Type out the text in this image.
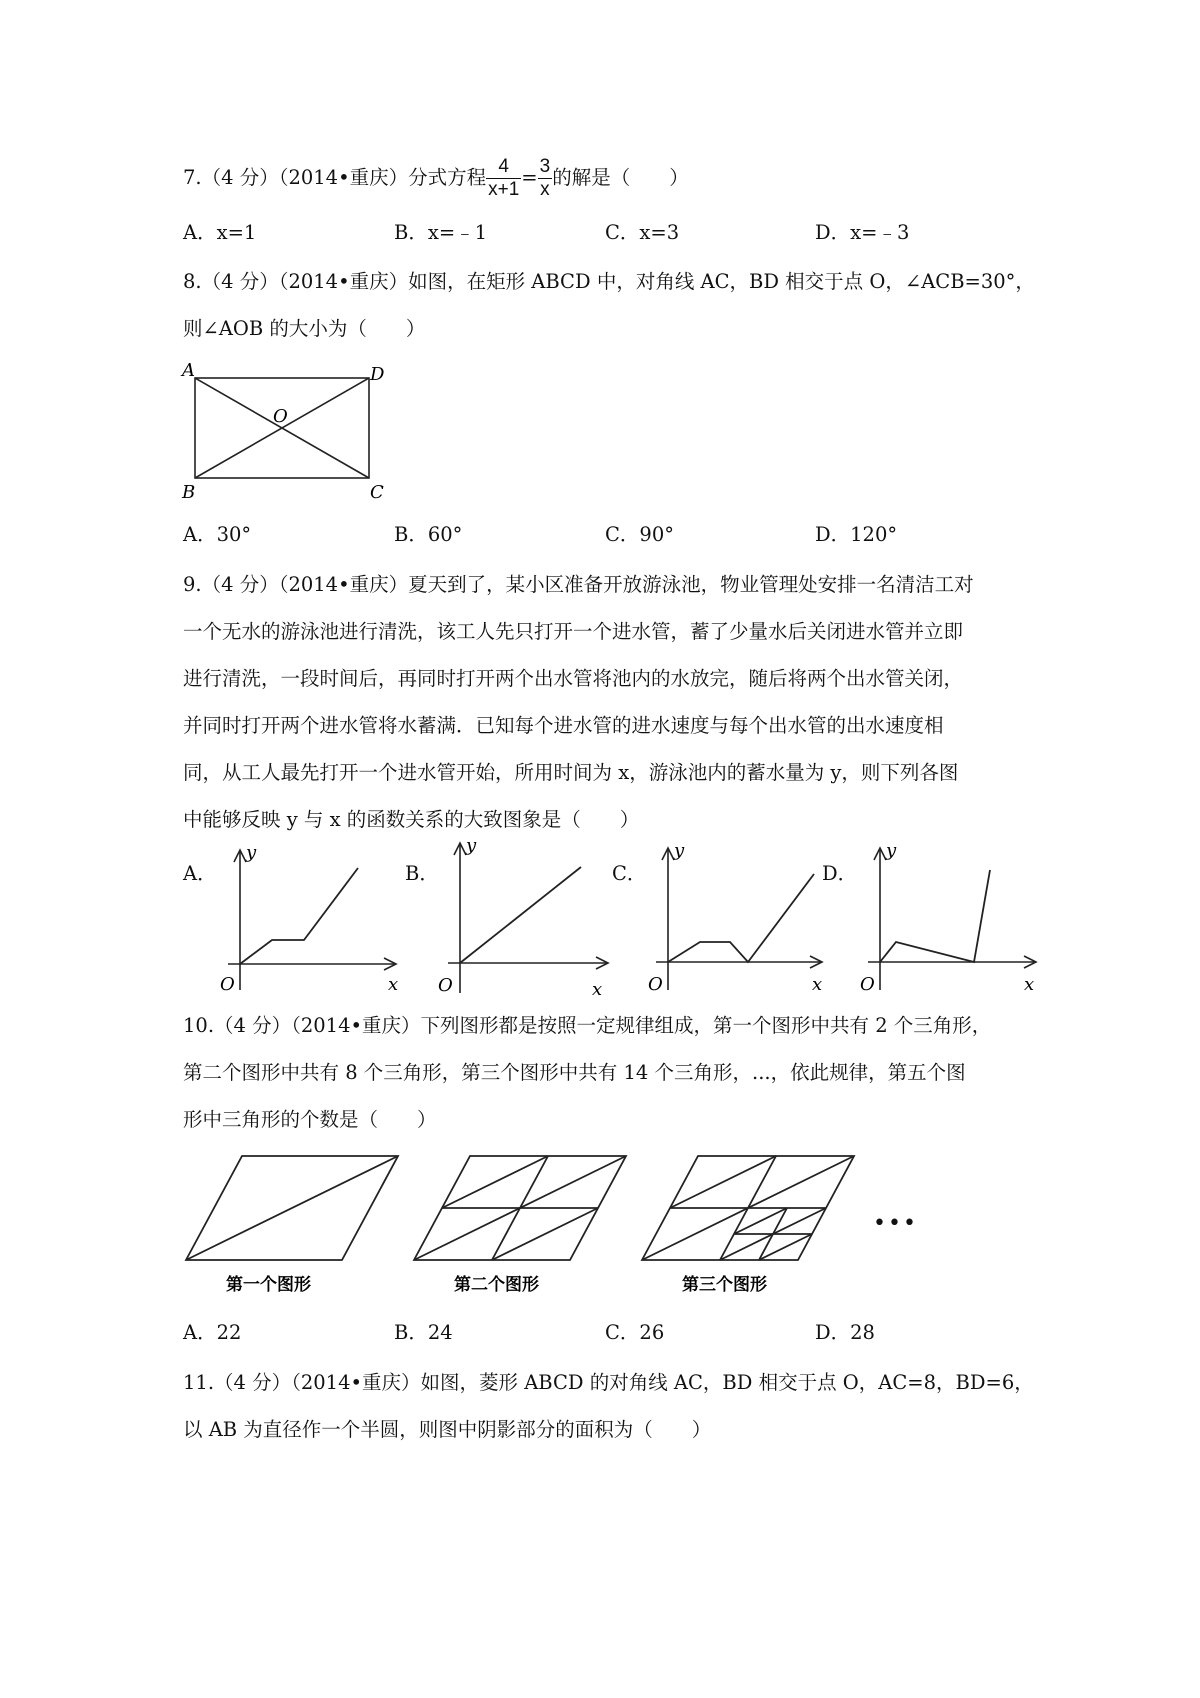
7.（4 分）（2014•重庆）分式方程 $\frac{4}{x+1} = \frac{3}{x}$ 的解是（　　）
A．x=1	B．x=﹣1	C．x=3	D．x=﹣3
8.（4 分）（2014•重庆）如图，在矩形 ABCD 中，对角线 AC，BD 相交于点 O，∠ACB=30°，
则∠AOB 的大小为（　　）
A	D
B	C
O
A．30°	B．60°	C．90°	D．120°
9.（4 分）（2014•重庆）夏天到了，某小区准备开放游泳池，物业管理处安排一名清洁工对
一个无水的游泳池进行清洗，该工人先只打开一个进水管，蓄了少量水后关闭进水管并立即
进行清洗，一段时间后，再同时打开两个出水管将池内的水放完，随后将两个出水管关闭，
并同时打开两个进水管将水蓄满．已知每个进水管的进水速度与每个出水管的出水速度相
同，从工人最先打开一个进水管开始，所用时间为 x，游泳池内的蓄水量为 y，则下列各图
中能够反映 y 与 x 的函数关系的大致图象是（　　）
A．
y
x
O
B．
y
x
O
C．
y
x
O
D．
y
x
O
10.（4 分）（2014•重庆）下列图形都是按照一定规律组成，第一个图形中共有 2 个三角形，
第二个图形中共有 8 个三角形，第三个图形中共有 14 个三角形，...，依此规律，第五个图
形中三角形的个数是（　　）
第一个图形	第二个图形	第三个图形
•••
A．22	B．24	C．26	D．28
11.（4 分）（2014•重庆）如图，菱形 ABCD 的对角线 AC，BD 相交于点 O，AC=8，BD=6，
以 AB 为直径作一个半圆，则图中阴影部分的面积为（　　）
